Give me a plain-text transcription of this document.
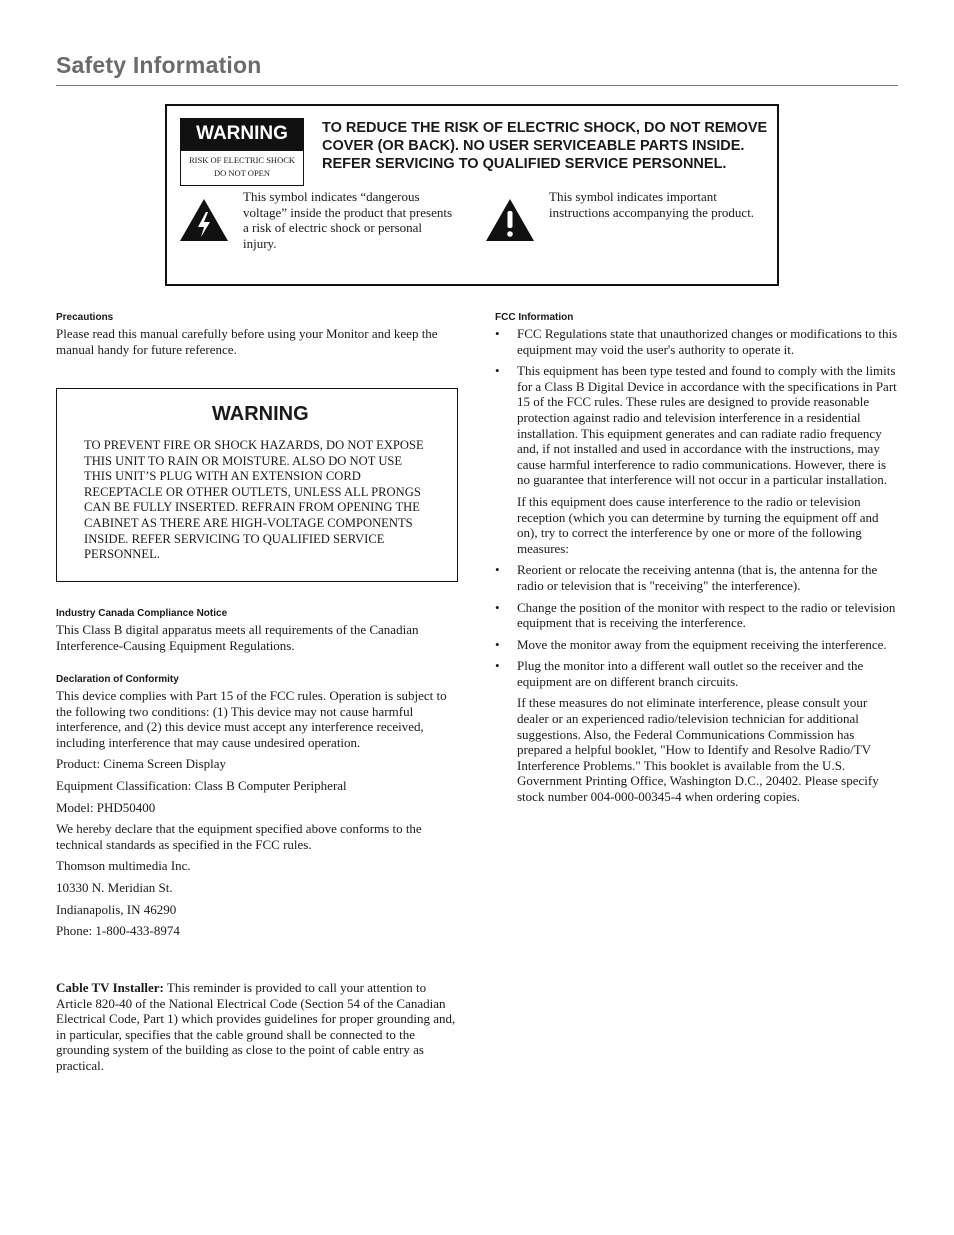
Safety Information
WARNING
RISK OF ELECTRIC SHOCK
DO NOT OPEN
TO REDUCE THE RISK OF ELECTRIC SHOCK, DO NOT REMOVE COVER (OR BACK). NO USER SERVICEABLE PARTS INSIDE. REFER SERVICING TO QUALIFIED SERVICE PERSONNEL.
This symbol indicates “dangerous voltage” inside the product that presents a risk of electric shock or personal injury.
This symbol indicates important instructions accompanying the product.
Precautions
Please read this manual carefully before using your Monitor and keep the manual handy for future reference.
WARNING
TO PREVENT FIRE OR SHOCK HAZARDS, DO NOT EXPOSE THIS UNIT TO RAIN OR MOISTURE. ALSO DO NOT USE THIS UNIT’S PLUG WITH AN EXTENSION CORD RECEPTACLE OR OTHER OUTLETS, UNLESS ALL PRONGS CAN BE FULLY INSERTED. REFRAIN FROM OPENING THE CABINET AS THERE ARE HIGH-VOLTAGE COMPONENTS INSIDE. REFER SERVICING TO QUALIFIED SERVICE PERSONNEL.
Industry Canada Compliance Notice
This Class B digital apparatus meets all requirements of the Canadian Interference-Causing Equipment Regulations.
Declaration of Conformity
This device complies with Part 15 of the FCC rules. Operation is subject to the following two conditions: (1) This device may not cause harmful interference, and (2) this device must accept any interference received, including interference that may cause undesired operation.
Product: Cinema Screen Display
Equipment Classification: Class B Computer Peripheral
Model: PHD50400
We hereby declare that the equipment specified above conforms to the technical standards as specified in the FCC rules.
Thomson multimedia Inc.
10330 N. Meridian St.
Indianapolis, IN 46290
Phone: 1-800-433-8974
Cable TV Installer: This reminder is provided to call your attention to Article 820-40 of the National Electrical Code (Section 54 of the Canadian Electrical Code, Part 1) which provides guidelines for proper grounding and, in particular, specifies that the cable ground shall be connected to the grounding system of the building as close to the point of cable entry as practical.
FCC Information
• FCC Regulations state that unauthorized changes or modifications to this equipment may void the user's authority to operate it.
• This equipment has been type tested and found to comply with the limits for a Class B Digital Device in accordance with the specifications in Part 15 of the FCC rules. These rules are designed to provide reasonable protection against radio and television interference in a residential installation. This equipment generates and can radiate radio frequency and, if not installed and used in accordance with the instructions, may cause harmful interference to radio communications. However, there is no guarantee that interference will not occur in a particular installation.
If this equipment does cause interference to the radio or television reception (which you can determine by turning the equipment off and on), try to correct the interference by one or more of the following measures:
• Reorient or relocate the receiving antenna (that is, the antenna for the radio or television that is "receiving" the interference).
• Change the position of the monitor with respect to the radio or television equipment that is receiving the interference.
• Move the monitor away from the equipment receiving the interference.
• Plug the monitor into a different wall outlet so the receiver and the equipment are on different branch circuits.
If these measures do not eliminate interference, please consult your dealer or an experienced radio/television technician for additional suggestions. Also, the Federal Communications Commission has prepared a helpful booklet, "How to Identify and Resolve Radio/TV Interference Problems." This booklet is available from the U.S. Government Printing Office, Washington D.C., 20402. Please specify stock number 004-000-00345-4 when ordering copies.
